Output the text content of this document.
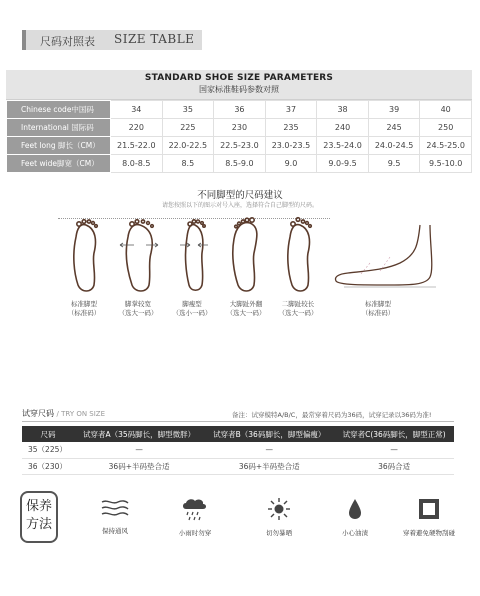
尺码对照表 SIZE TABLE
STANDARD SHOE SIZE PARAMETERS
国家标准鞋码参数对照
Chinese code中国码	34	35	36	37	38	39	40
International 国际码	220	225	230	235	240	245	250
Feet long 脚长（CM）	21.5-22.0	22.0-22.5	22.5-23.0	23.0-23.5	23.5-24.0	24.0-24.5	24.5-25.0
Feet wide脚宽（CM）	8.0-8.5	8.5	8.5-9.0	9.0	9.0-9.5	9.5	9.5-10.0
不同脚型的尺码建议
请您按照以下的图示对号入座，选择符合自己脚型的尺码。
标准脚型
（标准码）
脚掌较宽
（选大一码）
脚瘦型
（选小一码）
大脚趾外翻
（选大一码）
二脚趾较长
（选大一码）
标准脚型
（标准码）
试穿尺码 / TRY ON SIZE	备注：试穿模特A/B/C，最常穿着尺码为36码，试穿记录以36码为准!
尺码	试穿者A（35码脚长，脚型微胖）	试穿者B（36码脚长，脚型偏瘦）	试穿者C(36码脚长，脚型正常)
35（225）	—	—	—
36（230）	36码+半码垫合适	36码+半码垫合适	36码合适
保养
方法	保持通风	小雨时勿穿	切勿暴晒	小心油渍	穿着避免硬物刮碰
